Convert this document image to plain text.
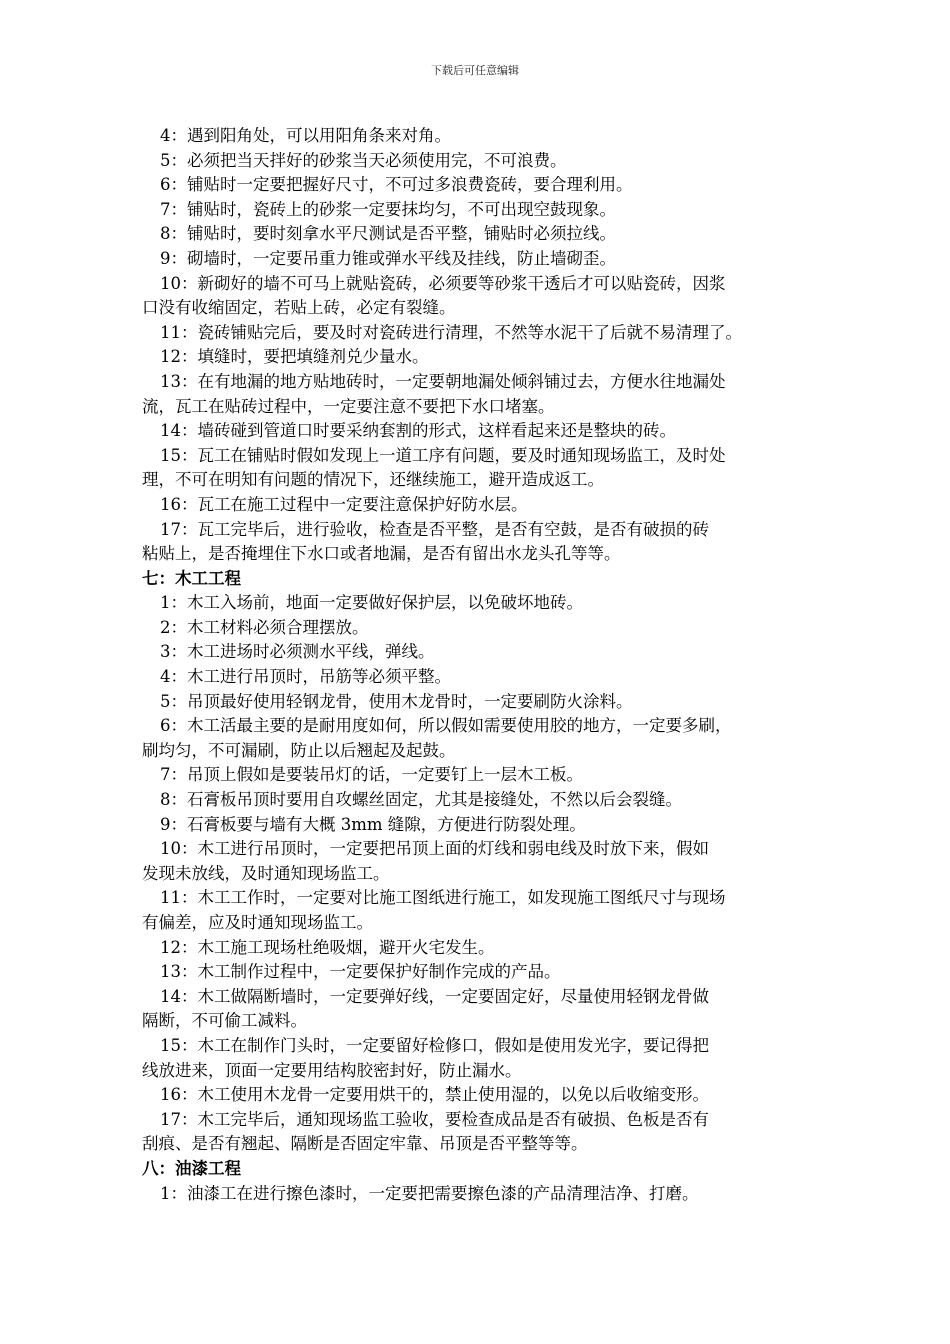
下载后可任意编辑
4：遇到阳角处，可以用阳角条来对角。
5：必须把当天拌好的砂浆当天必须使用完，不可浪费。
6：铺贴时一定要把握好尺寸，不可过多浪费瓷砖，要合理利用。
7：铺贴时，瓷砖上的砂浆一定要抹均匀，不可出现空鼓现象。
8：铺贴时，要时刻拿水平尺测试是否平整，铺贴时必须拉线。
9：砌墙时，一定要吊重力锥或弹水平线及挂线，防止墙砌歪。
10：新砌好的墙不可马上就贴瓷砖，必须要等砂浆干透后才可以贴瓷砖，因浆
口没有收缩固定，若贴上砖，必定有裂缝。
11：瓷砖铺贴完后，要及时对瓷砖进行清理，不然等水泥干了后就不易清理了。
12：填缝时，要把填缝剂兑少量水。
13：在有地漏的地方贴地砖时，一定要朝地漏处倾斜铺过去，方便水往地漏处
流，瓦工在贴砖过程中，一定要注意不要把下水口堵塞。
14：墙砖碰到管道口时要采纳套割的形式，这样看起来还是整块的砖。
15：瓦工在铺贴时假如发现上一道工序有问题，要及时通知现场监工，及时处
理，不可在明知有问题的情况下，还继续施工，避开造成返工。
16：瓦工在施工过程中一定要注意保护好防水层。
17：瓦工完毕后，进行验收，检查是否平整，是否有空鼓，是否有破损的砖
粘贴上，是否掩埋住下水口或者地漏，是否有留出水龙头孔等等。
七：木工工程
1：木工入场前，地面一定要做好保护层，以免破坏地砖。
2：木工材料必须合理摆放。
3：木工进场时必须测水平线，弹线。
4：木工进行吊顶时，吊筋等必须平整。
5：吊顶最好使用轻钢龙骨，使用木龙骨时，一定要刷防火涂料。
6：木工活最主要的是耐用度如何，所以假如需要使用胶的地方，一定要多刷，
刷均匀，不可漏刷，防止以后翘起及起鼓。
7：吊顶上假如是要装吊灯的话，一定要钉上一层木工板。
8：石膏板吊顶时要用自攻螺丝固定，尤其是接缝处，不然以后会裂缝。
9：石膏板要与墙有大概 3mm 缝隙，方便进行防裂处理。
10：木工进行吊顶时，一定要把吊顶上面的灯线和弱电线及时放下来，假如
发现未放线，及时通知现场监工。
11：木工工作时，一定要对比施工图纸进行施工，如发现施工图纸尺寸与现场
有偏差，应及时通知现场监工。
12：木工施工现场杜绝吸烟，避开火宅发生。
13：木工制作过程中，一定要保护好制作完成的产品。
14：木工做隔断墙时，一定要弹好线，一定要固定好，尽量使用轻钢龙骨做
隔断，不可偷工减料。
15：木工在制作门头时，一定要留好检修口，假如是使用发光字，要记得把
线放进来，顶面一定要用结构胶密封好，防止漏水。
16：木工使用木龙骨一定要用烘干的，禁止使用湿的，以免以后收缩变形。
17：木工完毕后，通知现场监工验收，要检查成品是否有破损、色板是否有
刮痕、是否有翘起、隔断是否固定牢靠、吊顶是否平整等等。
八：油漆工程
1：油漆工在进行擦色漆时，一定要把需要擦色漆的产品清理洁净、打磨。
